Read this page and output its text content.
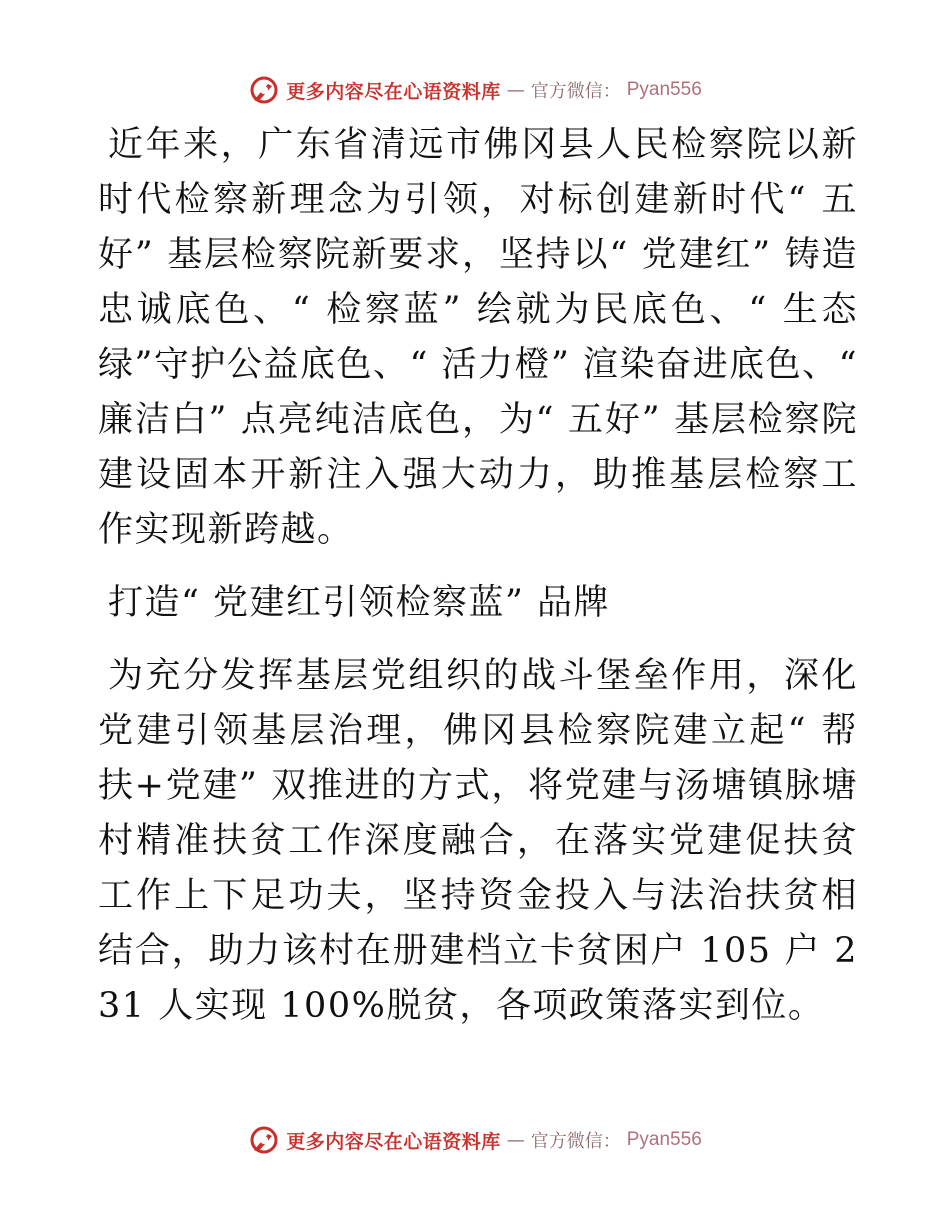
更多内容尽在心语资料库 — 官方微信： Pyan556

近年来，广东省清远市佛冈县人民检察院以新时代检察新理念为引领，对标创建新时代“ 五好” 基层检察院新要求，坚持以“ 党建红” 铸造忠诚底色、“ 检察蓝” 绘就为民底色、“ 生态绿”守护公益底色、“ 活力橙” 渲染奋进底色、“ 廉洁白” 点亮纯洁底色，为“ 五好” 基层检察院建设固本开新注入强大动力，助推基层检察工作实现新跨越。

打造“ 党建红引领检察蓝” 品牌

为充分发挥基层党组织的战斗堡垒作用，深化党建引领基层治理，佛冈县检察院建立起“ 帮扶+党建” 双推进的方式，将党建与汤塘镇脉塘村精准扶贫工作深度融合，在落实党建促扶贫工作上下足功夫，坚持资金投入与法治扶贫相结合，助力该村在册建档立卡贫困户 105 户 231 人实现 100%脱贫，各项政策落实到位。

更多内容尽在心语资料库 — 官方微信： Pyan556
